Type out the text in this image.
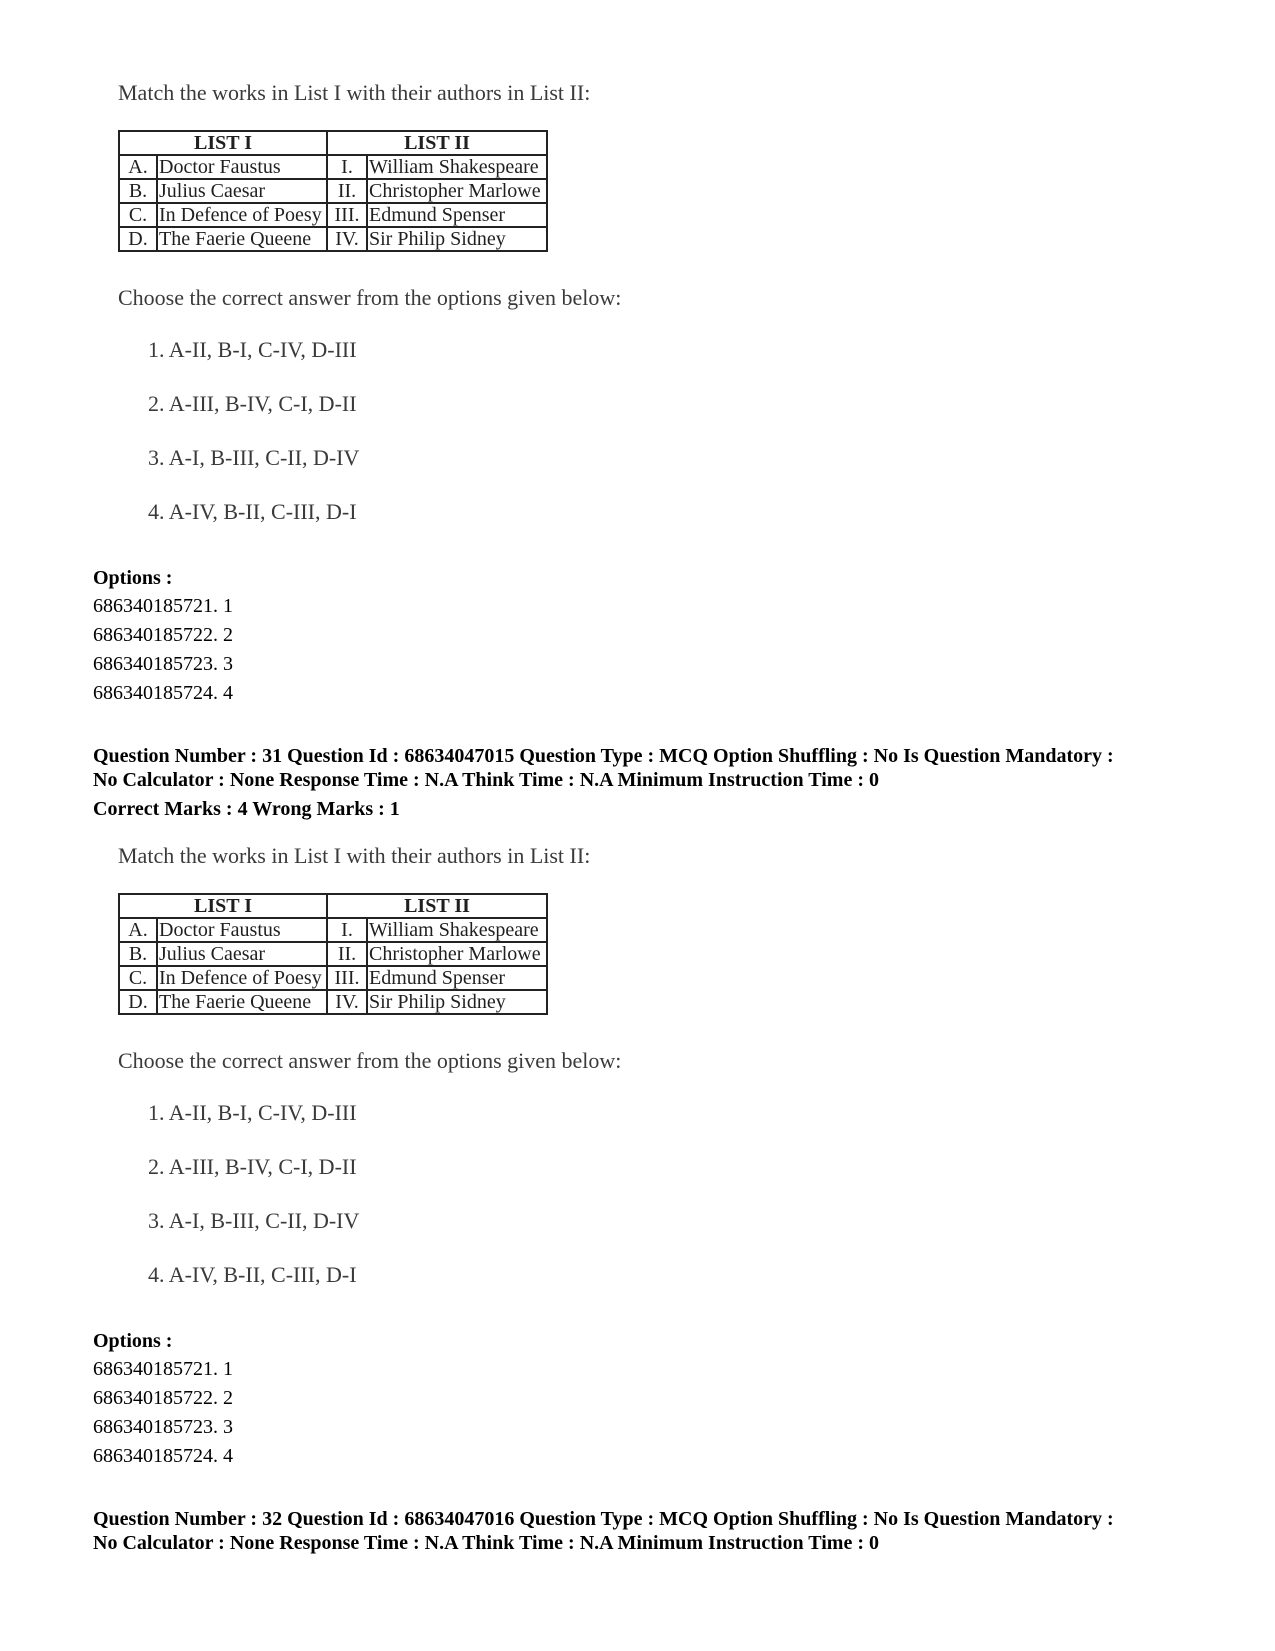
Match the works in List I with their authors in List II:

LIST I		LIST II	
A.	Doctor Faustus	I.	William Shakespeare
B.	Julius Caesar	II.	Christopher Marlowe
C.	In Defence of Poesy	III.	Edmund Spenser
D.	The Faerie Queene	IV.	Sir Philip Sidney

Choose the correct answer from the options given below:

1. A-II, B-I, C-IV, D-III
2. A-III, B-IV, C-I, D-II
3. A-I, B-III, C-II, D-IV
4. A-IV, B-II, C-III, D-I

Options :

686340185721. 1
686340185722. 2
686340185723. 3
686340185724. 4

Question Number : 31 Question Id : 68634047015 Question Type : MCQ Option Shuffling : No Is Question Mandatory :

No Calculator : None Response Time : N.A Think Time : N.A Minimum Instruction Time : 0

Correct Marks : 4 Wrong Marks : 1

Match the works in List I with their authors in List II:

LIST I		LIST II	
A.	Doctor Faustus	I.	William Shakespeare
B.	Julius Caesar	II.	Christopher Marlowe
C.	In Defence of Poesy	III.	Edmund Spenser
D.	The Faerie Queene	IV.	Sir Philip Sidney

Choose the correct answer from the options given below:

1. A-II, B-I, C-IV, D-III
2. A-III, B-IV, C-I, D-II
3. A-I, B-III, C-II, D-IV
4. A-IV, B-II, C-III, D-I

Options :

686340185721. 1
686340185722. 2
686340185723. 3
686340185724. 4

Question Number : 32 Question Id : 68634047016 Question Type : MCQ Option Shuffling : No Is Question Mandatory :

No Calculator : None Response Time : N.A Think Time : N.A Minimum Instruction Time : 0
